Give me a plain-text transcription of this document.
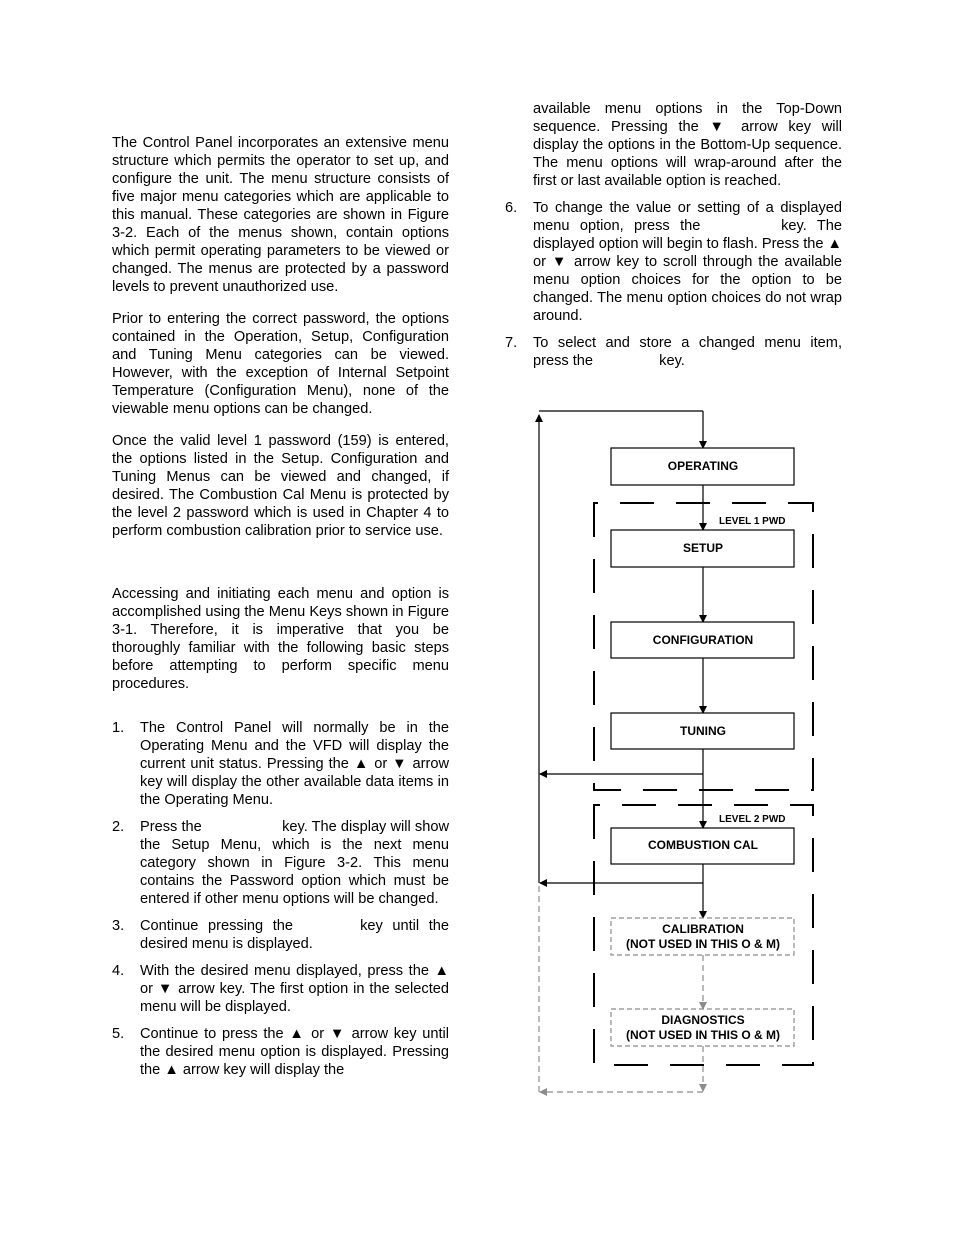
The Control Panel incorporates an extensive menu structure which permits the operator to set up, and configure the unit. The menu structure consists of five major menu categories which are applicable to this manual. These categories are shown in Figure 3-2. Each of the menus shown, contain options which permit operating parameters to be viewed or changed. The menus are protected by a password levels to prevent unauthorized use.

Prior to entering the correct password, the options contained in the Operation, Setup, Configuration and Tuning Menu categories can be viewed. However, with the exception of Internal Setpoint Temperature (Configuration Menu), none of the viewable menu options can be changed.

Once the valid level 1 password (159) is entered, the options listed in the Setup. Configuration and Tuning Menus can be viewed and changed, if desired. The Combustion Cal Menu is protected by the level 2 password which is used in Chapter 4 to perform combustion calibration prior to service use.

Accessing and initiating each menu and option is accomplished using the Menu Keys shown in Figure 3-1. Therefore, it is imperative that you be thoroughly familiar with the following basic steps before attempting to perform specific menu procedures.

1. The Control Panel will normally be in the Operating Menu and the VFD will display the current unit status. Pressing the ▲ or ▼ arrow key will display the other available data items in the Operating Menu.
2. Press the	key. The display will show the Setup Menu, which is the next menu category shown in Figure 3-2. This menu contains the Password option which must be entered if other menu options will be changed.
3. Continue pressing the	key until the desired menu is displayed.
4. With the desired menu displayed, press the ▲ or ▼ arrow key. The first option in the selected menu will be displayed.
5. Continue to press the ▲ or ▼ arrow key until the desired menu option is displayed. Pressing the ▲ arrow key will display the

available menu options in the Top-Down sequence. Pressing the ▼ arrow key will display the options in the Bottom-Up sequence. The menu options will wrap-around after the first or last available option is reached.

6. To change the value or setting of a displayed menu option, press the	key. The displayed option will begin to flash. Press the ▲ or ▼ arrow key to scroll through the available menu option choices for the option to be changed. The menu option choices do not wrap around.
7. To select and store a changed menu item, press the	key.
OPERATING
SETUP
CONFIGURATION
TUNING
COMBUSTION CAL
CALIBRATION
(NOT USED IN THIS O & M)
DIAGNOSTICS
(NOT USED IN THIS O & M)
LEVEL 1 PWD
LEVEL 2 PWD
